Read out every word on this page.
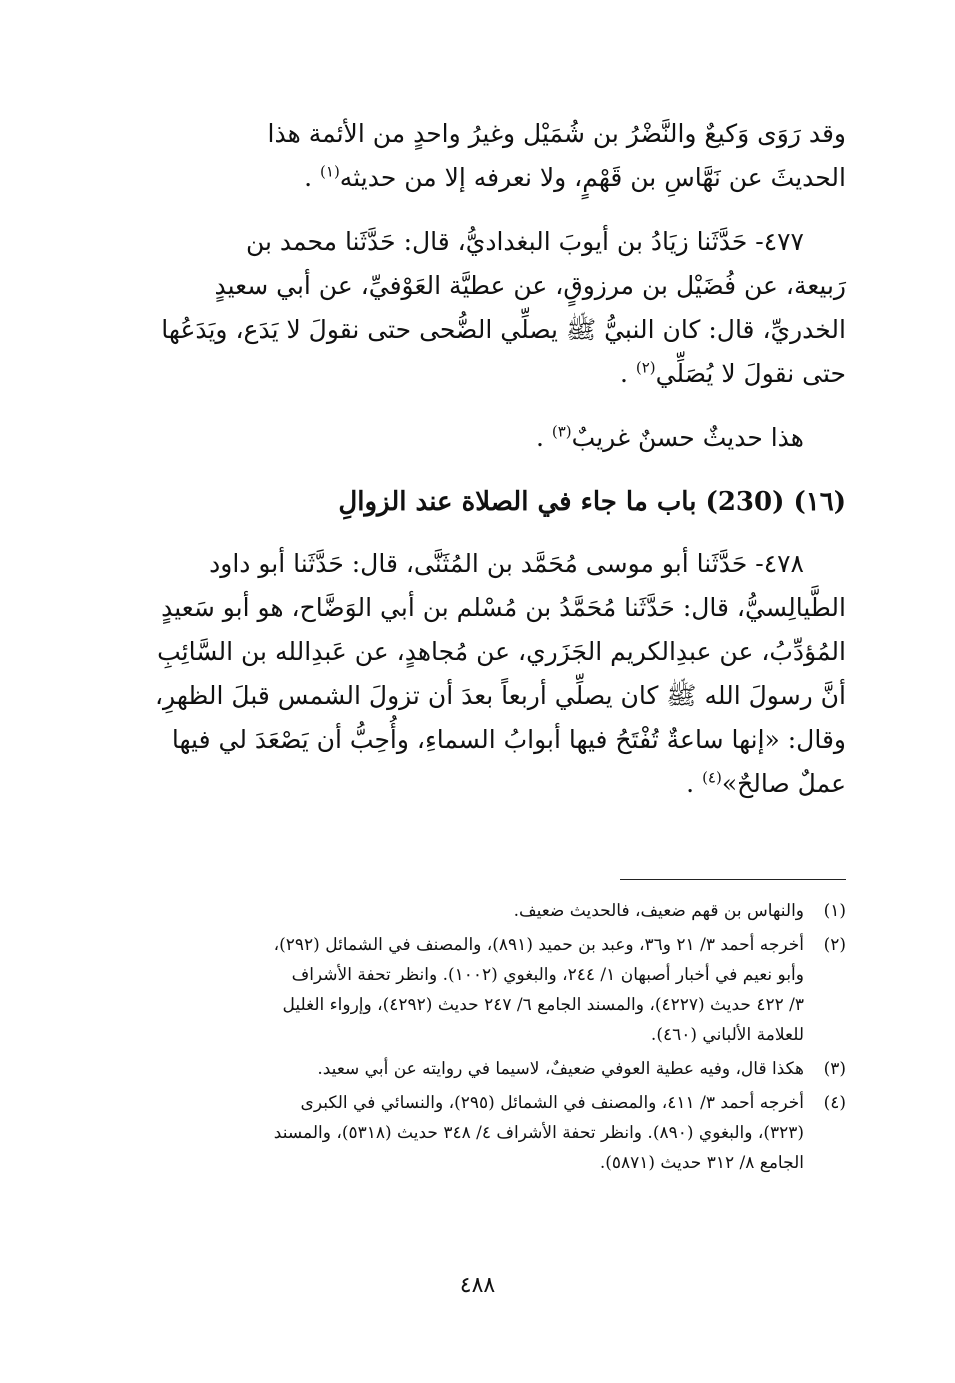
وقد رَوَى وَكيعٌ والنَّضْرُ بن شُمَيْل وغيرُ واحدٍ من الأئمة هذا
الحديثَ عن نَهَّاسِ بن قَهْمٍ، ولا نعرفه إلا من حديثه$^{(١)}$ .
٤٧٧- حَدَّثَنا زيَادُ بن أيوبَ البغداديُّ، قال: حَدَّثَنا محمد بن
رَبيعة، عن فُضَيْل بن مرزوقٍ، عن عطيَّة العَوْفيِّ، عن أبي سعيدٍ
الخدريِّ، قال: كان النبيُّ ﷺ يصلِّي الضُّحى حتى نقولَ لا يَدَع، ويَدَعُها
حتى نقولَ لا يُصَلِّي$^{(٢)}$ .
هذا حديثٌ حسنٌ غريبٌ$^{(٣)}$ .
(١٦) (230) باب ما جاء في الصلاة عند الزوالِ
٤٧٨- حَدَّثَنا أبو موسى مُحَمَّد بن المُثَنَّى، قال: حَدَّثَنا أبو داود
الطَّيالِسيُّ، قال: حَدَّثَنا مُحَمَّدُ بن مُسْلم بن أبي الوَضَّاح، هو أبو سَعيدٍ
المُؤدِّبُ، عن عبدِالكريم الجَزَري، عن مُجاهدٍ، عن عَبدِالله بن السَّائِبِ
أنَّ رسولَ الله ﷺ كان يصلِّي أربعاً بعدَ أن تزولَ الشمس قبلَ الظهرِ،
وقال: «إنها ساعةٌ تُفْتَحُ فيها أبوابُ السماءِ، وأُحِبُّ أن يَصْعَدَ لي فيها
عملٌ صالحٌ»$^{(٤)}$ .
(١)
والنهاس بن قهم ضعيف، فالحديث ضعيف.
(٢)
أخرجه أحمد ٣/ ٢١ و٣٦، وعبد بن حميد (٨٩١)، والمصنف في الشمائل (٢٩٢)،
وأبو نعيم في أخبار أصبهان ١/ ٢٤٤، والبغوي (١٠٠٢). وانظر تحفة الأشراف
٣/ ٤٢٢ حديث (٤٢٢٧)، والمسند الجامع ٦/ ٢٤٧ حديث (٤٢٩٢)، وإرواء الغليل
للعلامة الألباني (٤٦٠).
(٣)
هكذا قال، وفيه عطية العوفي ضعيفٌ، لاسيما في روايته عن أبي سعيد.
(٤)
أخرجه أحمد ٣/ ٤١١، والمصنف في الشمائل (٢٩٥)، والنسائي في الكبرى
(٣٢٣)، والبغوي (٨٩٠). وانظر تحفة الأشراف ٤/ ٣٤٨ حديث (٥٣١٨)، والمسند
الجامع ٨/ ٣١٢ حديث (٥٨٧١).
٤٨٨
